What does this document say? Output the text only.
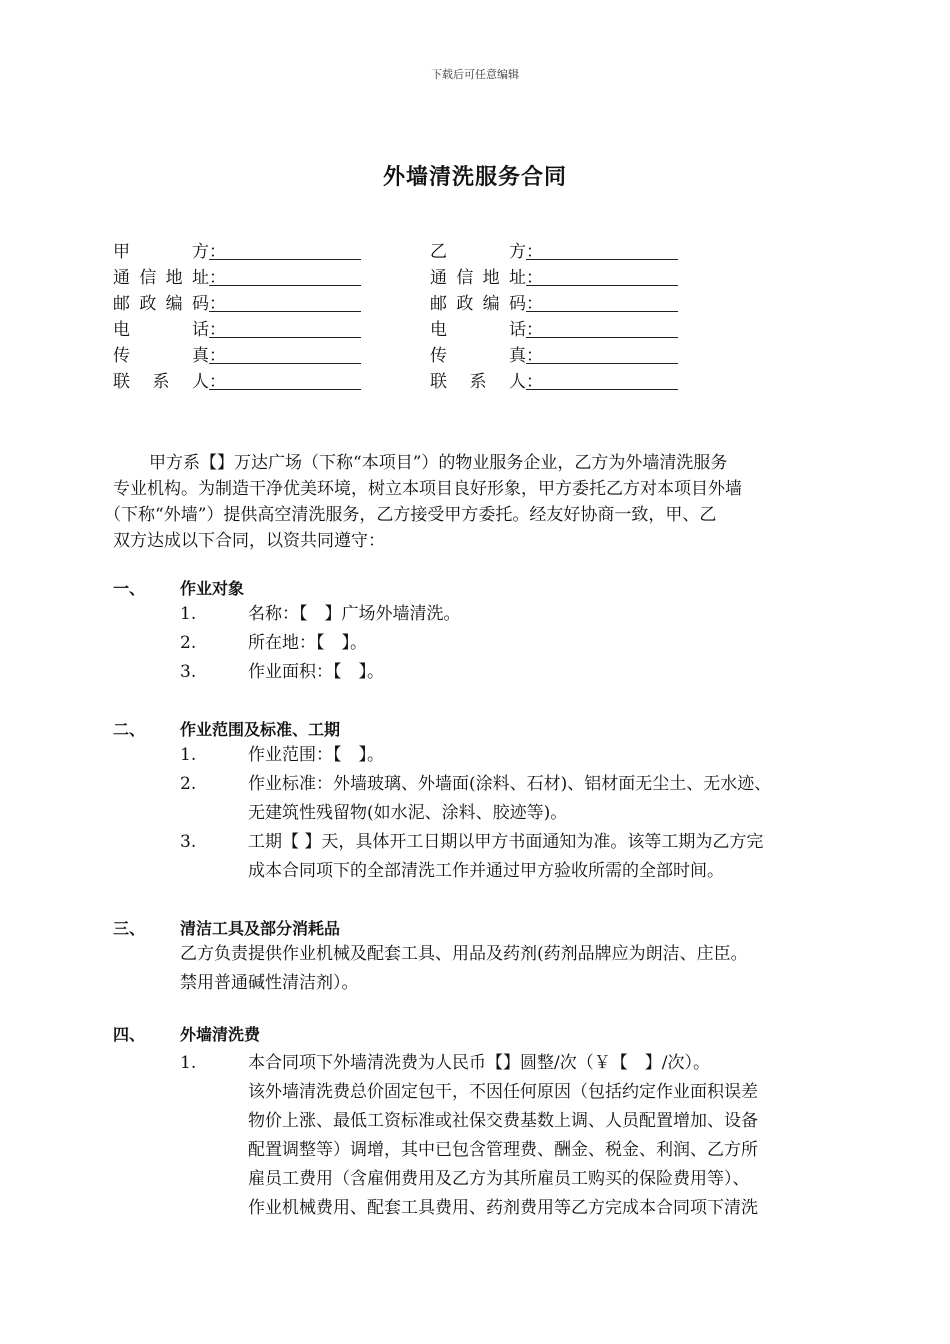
下载后可任意编辑
外墙清洗服务合同
甲　方：
通信地址：
邮政编码：
电　话：
传　真：
联 系 人：
乙　方：
通信地址：
邮政编码：
电　话：
传　真：
联 系 人：
甲方系【】万达广场（下称“本项目”）的物业服务企业，乙方为外墙清洗服务
专业机构。为制造干净优美环境，树立本项目良好形象，甲方委托乙方对本项目外墙
（下称“外墙”）提供高空清洗服务，乙方接受甲方委托。经友好协商一致，甲、乙
双方达成以下合同，以资共同遵守：
一、 作业对象
1.	名称：【　】广场外墙清洗。
2.	所在地：【　】。
3.	作业面积：【　】。
二、 作业范围及标准、工期
1.	作业范围：【　】。
2.	作业标准：外墙玻璃、外墙面(涂料、石材)、铝材面无尘土、无水迹、
无建筑性残留物(如水泥、涂料、胶迹等)。
3.	工期【 】天，具体开工日期以甲方书面通知为准。该等工期为乙方完
成本合同项下的全部清洗工作并通过甲方验收所需的全部时间。
三、 清洁工具及部分消耗品
乙方负责提供作业机械及配套工具、用品及药剂(药剂品牌应为朗洁、庄臣。
禁用普通碱性清洁剂）。
四、 外墙清洗费
1.	本合同项下外墙清洗费为人民币【】圆整/次（￥【　】/次）。
该外墙清洗费总价固定包干，不因任何原因（包括约定作业面积误差
物价上涨、最低工资标准或社保交费基数上调、人员配置增加、设备
配置调整等）调增，其中已包含管理费、酬金、税金、利润、乙方所
雇员工费用（含雇佣费用及乙方为其所雇员工购买的保险费用等）、
作业机械费用、配套工具费用、药剂费用等乙方完成本合同项下清洗
